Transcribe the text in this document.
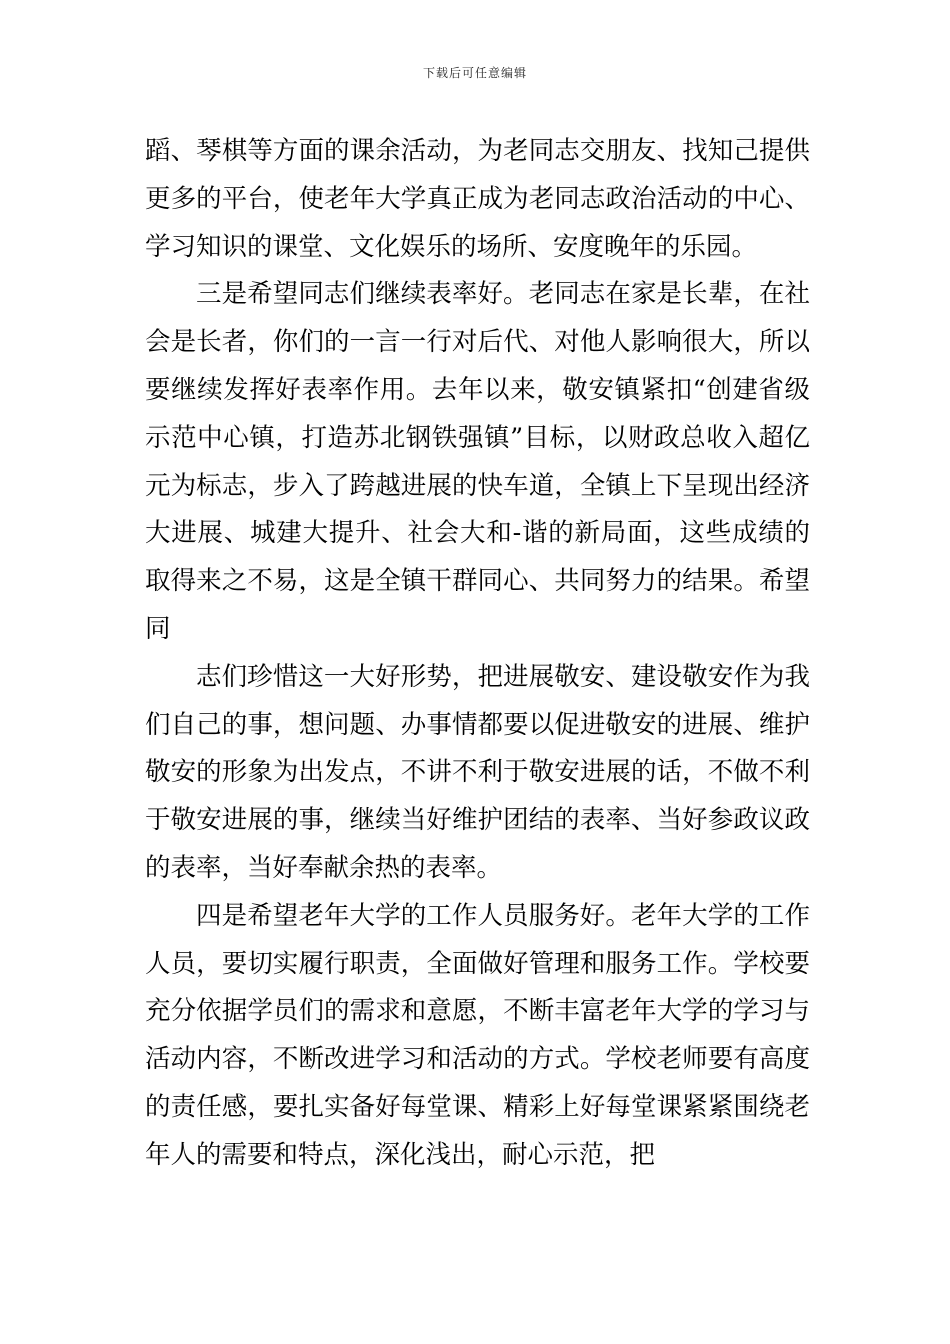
下载后可任意编辑

蹈、琴棋等方面的课余活动，为老同志交朋友、找知己提供更多的平台，使老年大学真正成为老同志政治活动的中心、学习知识的课堂、文化娱乐的场所、安度晚年的乐园。

三是希望同志们继续表率好。老同志在家是长辈，在社会是长者，你们的一言一行对后代、对他人影响很大，所以要继续发挥好表率作用。去年以来，敬安镇紧扣“创建省级示范中心镇，打造苏北钢铁强镇”目标，以财政总收入超亿元为标志，步入了跨越进展的快车道，全镇上下呈现出经济大进展、城建大提升、社会大和-谐的新局面，这些成绩的取得来之不易，这是全镇干群同心、共同努力的结果。希望同

志们珍惜这一大好形势，把进展敬安、建设敬安作为我们自己的事，想问题、办事情都要以促进敬安的进展、维护敬安的形象为出发点，不讲不利于敬安进展的话，不做不利于敬安进展的事，继续当好维护团结的表率、当好参政议政的表率，当好奉献余热的表率。

四是希望老年大学的工作人员服务好。老年大学的工作人员，要切实履行职责，全面做好管理和服务工作。学校要充分依据学员们的需求和意愿，不断丰富老年大学的学习与活动内容，不断改进学习和活动的方式。学校老师要有高度的责任感，要扎实备好每堂课、精彩上好每堂课紧紧围绕老年人的需要和特点，深化浅出，耐心示范，把
